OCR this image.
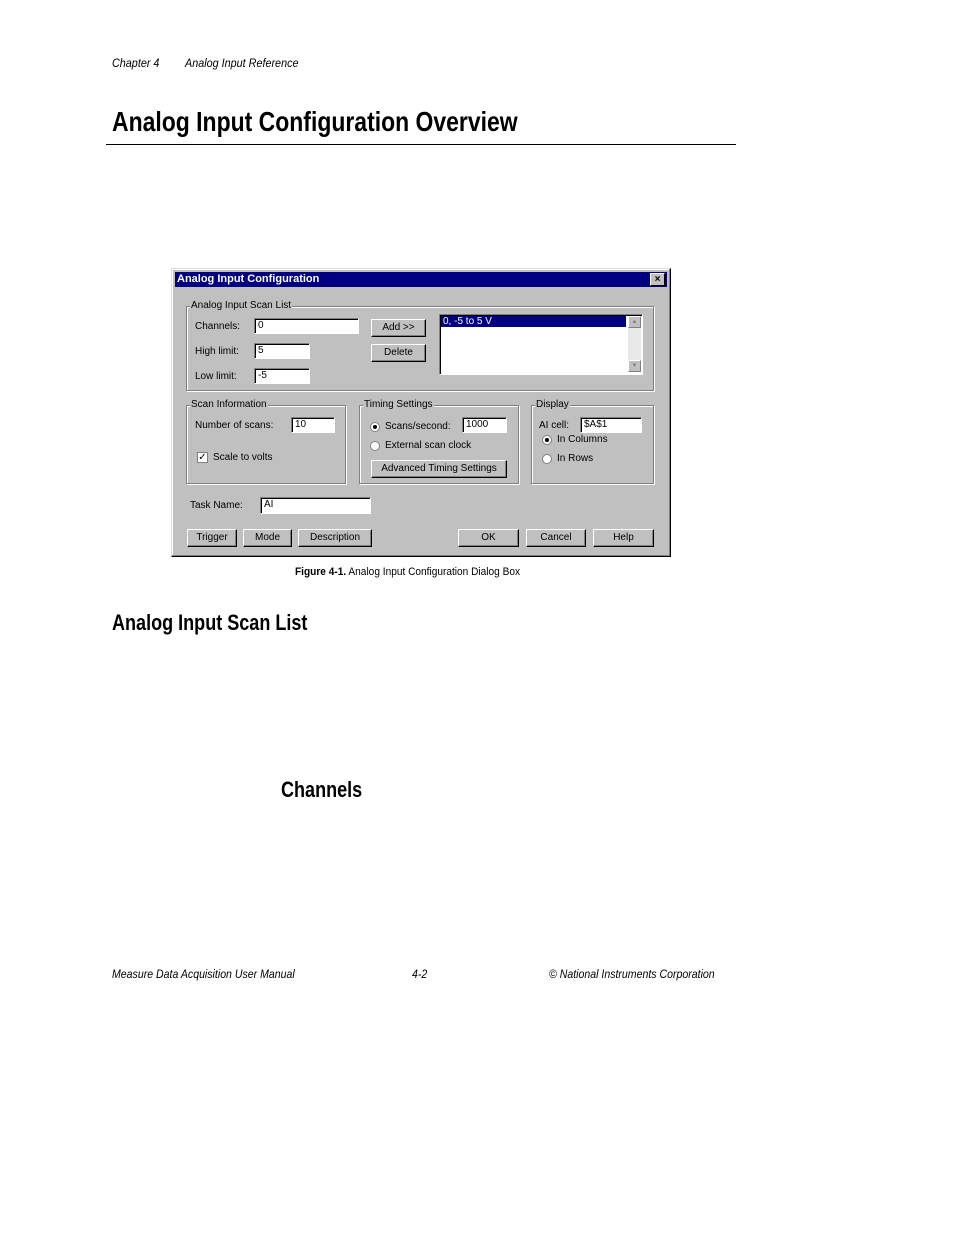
Chapter 4 Analog Input Reference
Analog Input Configuration Overview
Analog Input Configuration	×
Analog Input Scan List
Channels:	0
High limit:	5
Low limit:	-5
Add >>
Delete
0, -5 to 5 V	▲
▼
Scan Information
Number of scans:	10
✓ Scale to volts
Timing Settings
Scans/second:	1000
External scan clock
Advanced Timing Settings
Display
AI cell:	$A$1
In Columns
In Rows
Task Name:	AI
Trigger	Mode	Description	OK	Cancel	Help
Figure 4-1. Analog Input Configuration Dialog Box
Analog Input Scan List
Channels
Measure Data Acquisition User Manual	4-2	© National Instruments Corporation
